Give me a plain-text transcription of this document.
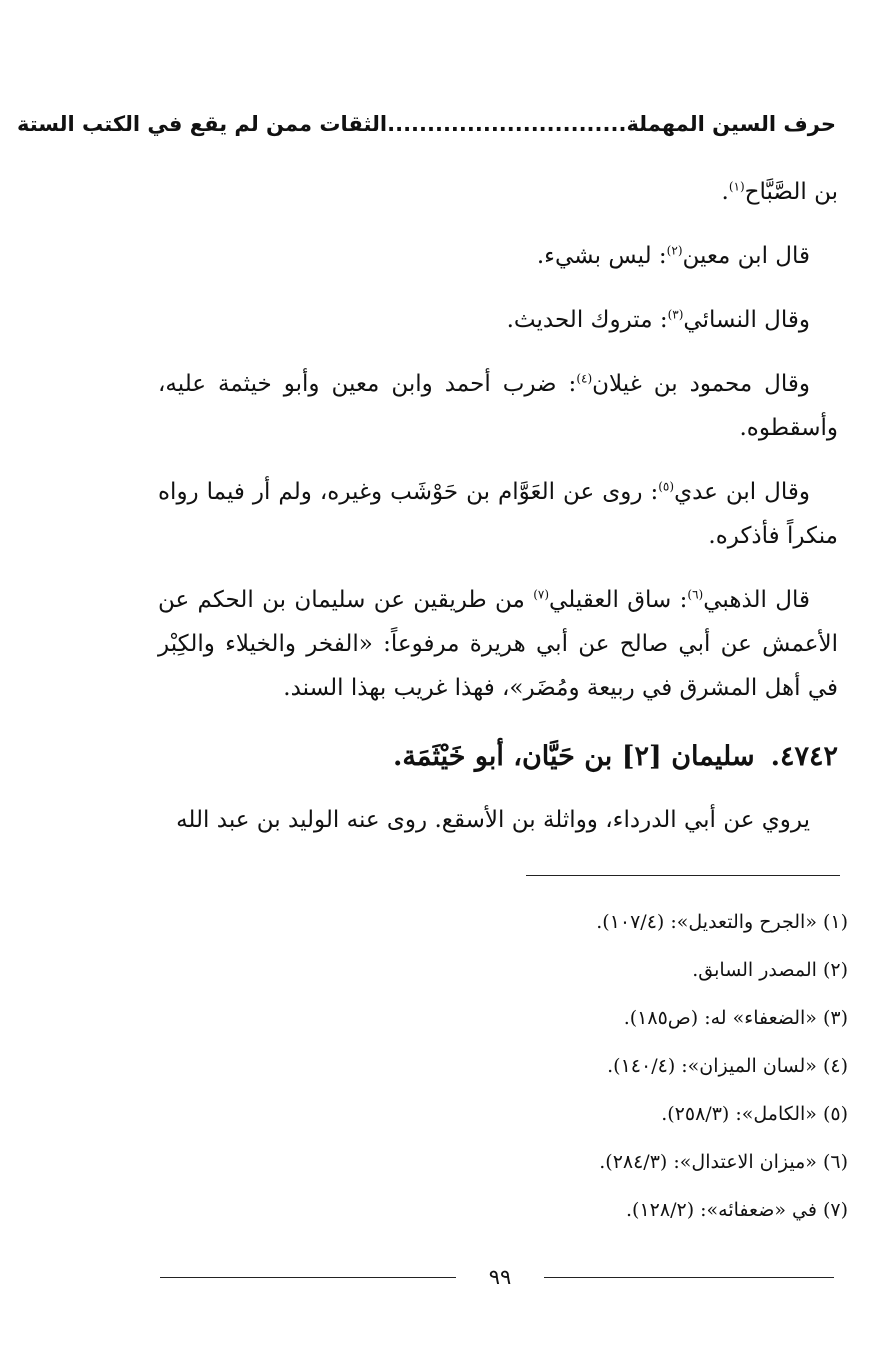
حرف السين المهملة..............................الثقات ممن لم يقع في الكتب الستة

بن الصَّبَّاح$^{(١)}$.

قال ابن معين$^{(٢)}$: ليس بشيء.

وقال النسائي$^{(٣)}$: متروك الحديث.

وقال محمود بن غيلان$^{(٤)}$: ضرب أحمد وابن معين وأبو خيثمة عليه، وأسقطوه.

وقال ابن عدي$^{(٥)}$: روى عن العَوَّام بن حَوْشَب وغيره، ولم أر فيما رواه منكراً فأذكره.

قال الذهبي$^{(٦)}$: ساق العقيلي$^{(٧)}$ من طريقين عن سليمان بن الحكم عن الأعمش عن أبي صالح عن أبي هريرة مرفوعاً: «الفخر والخيلاء والكِبْر في أهل المشرق في ربيعة ومُضَر»، فهذا غريب بهذا السند.

٤٧٤٢.سليمان [٢] بن حَيَّان، أبو خَيْثَمَة.

يروي عن أبي الدرداء، وواثلة بن الأسقع. روى عنه الوليد بن عبد الله

(١)«الجرح والتعديل»: (١٠٧/٤).
(٢)المصدر السابق.
(٣)«الضعفاء» له: (ص١٨٥).
(٤)«لسان الميزان»: (١٤٠/٤).
(٥)«الكامل»: (٢٥٨/٣).
(٦)«ميزان الاعتدال»: (٢٨٤/٣).
(٧)في «ضعفائه»: (١٢٨/٢).
٩٩
